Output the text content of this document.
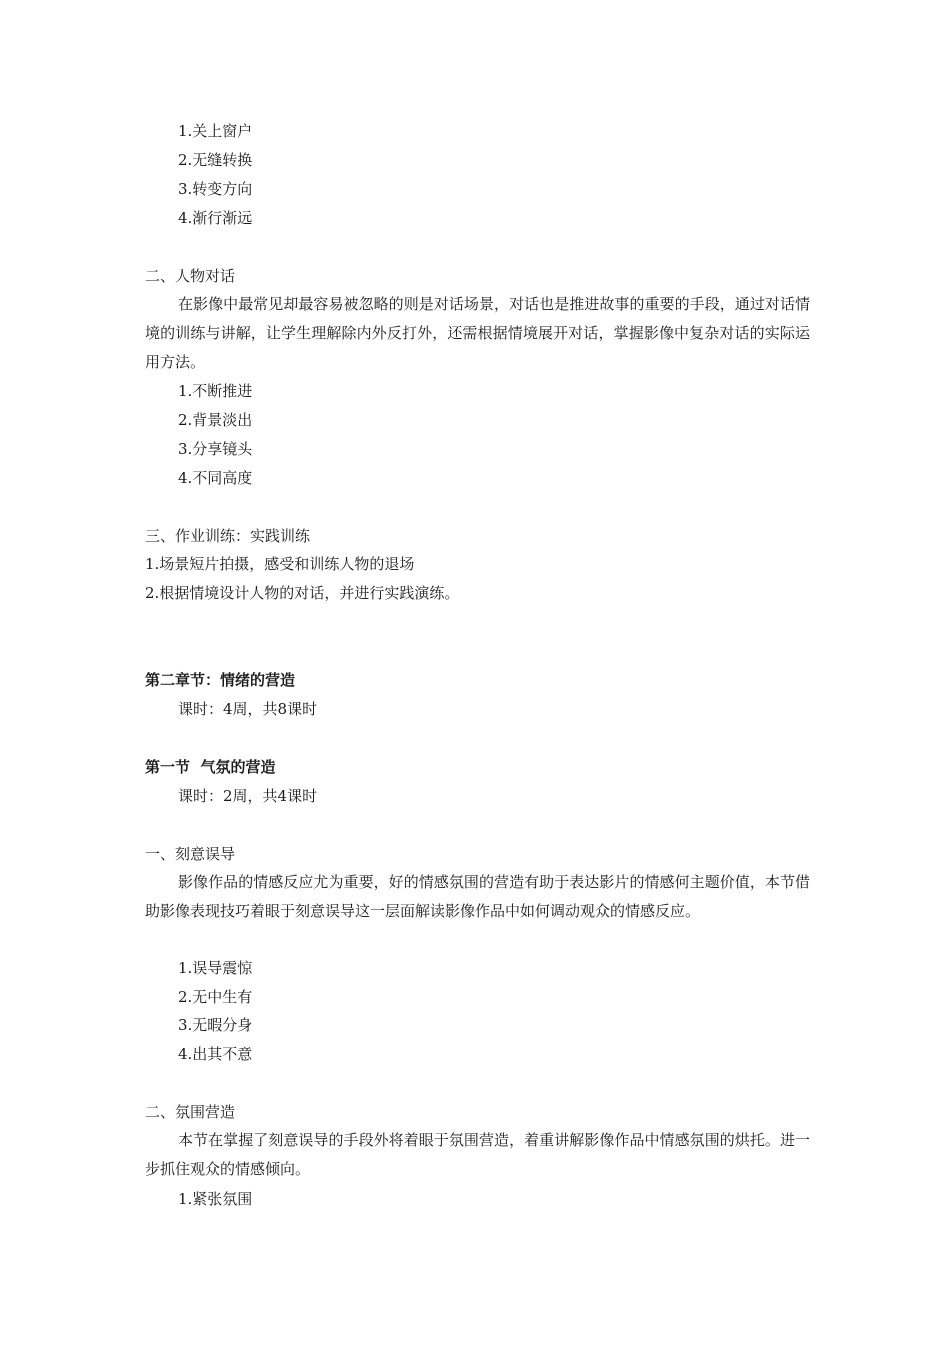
1.关上窗户
2.无缝转换
3.转变方向
4.渐行渐远
二、人物对话
在影像中最常见却最容易被忽略的则是对话场景，对话也是推进故事的重要的手段，通过对话情境的训练与讲解，让学生理解除内外反打外，还需根据情境展开对话，掌握影像中复杂对话的实际运用方法。
1.不断推进
2.背景淡出
3.分享镜头
4.不同高度
三、作业训练：实践训练
1.场景短片拍摄，感受和训练人物的退场
2.根据情境设计人物的对话，并进行实践演练。
第二章节：情绪的营造
课时：4周，共8课时
第一节  气氛的营造
课时：2周，共4课时
一、刻意误导
影像作品的情感反应尤为重要，好的情感氛围的营造有助于表达影片的情感何主题价值，本节借助影像表现技巧着眼于刻意误导这一层面解读影像作品中如何调动观众的情感反应。
1.误导震惊
2.无中生有
3.无暇分身
4.出其不意
二、氛围营造
本节在掌握了刻意误导的手段外将着眼于氛围营造，着重讲解影像作品中情感氛围的烘托。进一步抓住观众的情感倾向。
1.紧张氛围
